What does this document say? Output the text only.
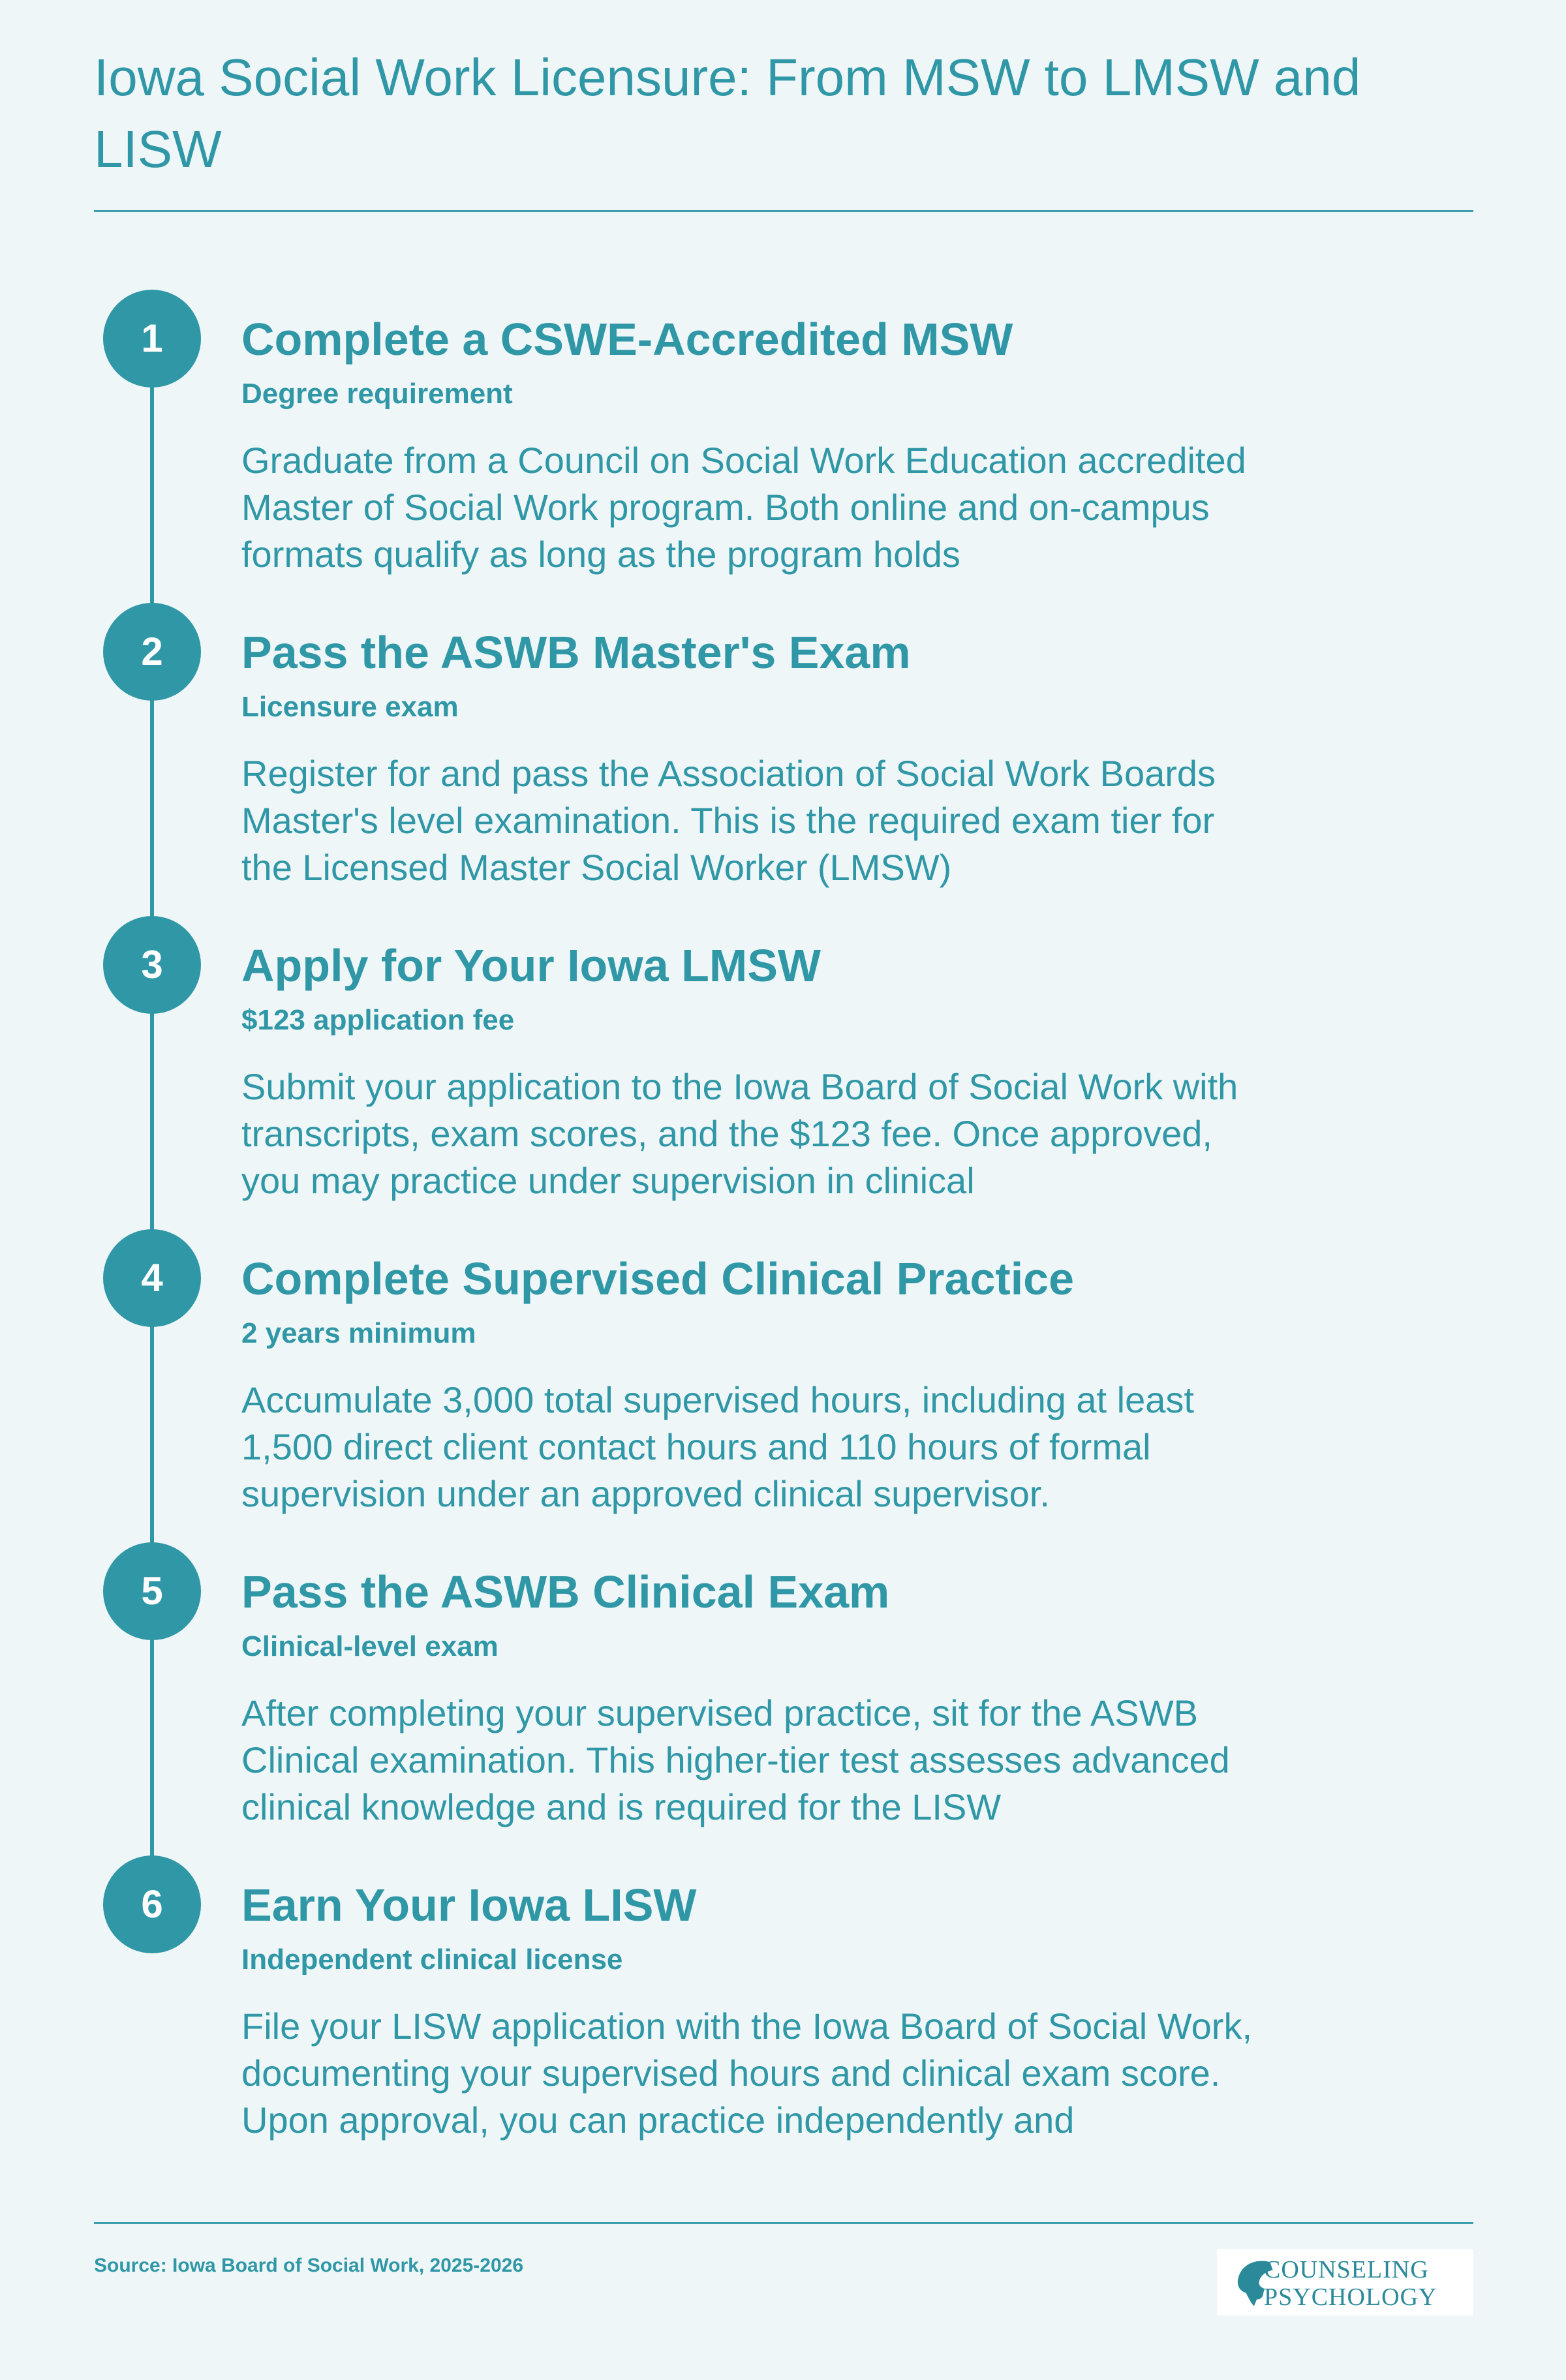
Iowa Social Work Licensure: From MSW to LMSW and LISW
1	Complete a CSWE-Accredited MSW
Degree requirement

Graduate from a Council on Social Work Education accredited Master of Social Work program. Both online and on-campus formats qualify as long as the program holds

2	Pass the ASWB Master's Exam
Licensure exam

Register for and pass the Association of Social Work Boards Master's level examination. This is the required exam tier for the Licensed Master Social Worker (LMSW)

3	Apply for Your Iowa LMSW
$123 application fee

Submit your application to the Iowa Board of Social Work with transcripts, exam scores, and the $123 fee. Once approved, you may practice under supervision in clinical

4	Complete Supervised Clinical Practice
2 years minimum

Accumulate 3,000 total supervised hours, including at least 1,500 direct client contact hours and 110 hours of formal supervision under an approved clinical supervisor.

5	Pass the ASWB Clinical Exam
Clinical-level exam

After completing your supervised practice, sit for the ASWB Clinical examination. This higher-tier test assesses advanced clinical knowledge and is required for the LISW

6	Earn Your Iowa LISW
Independent clinical license

File your LISW application with the Iowa Board of Social Work, documenting your supervised hours and clinical exam score. Upon approval, you can practice independently and

Source: Iowa Board of Social Work, 2025-2026	COUNSELING
PSYCHOLOGY
